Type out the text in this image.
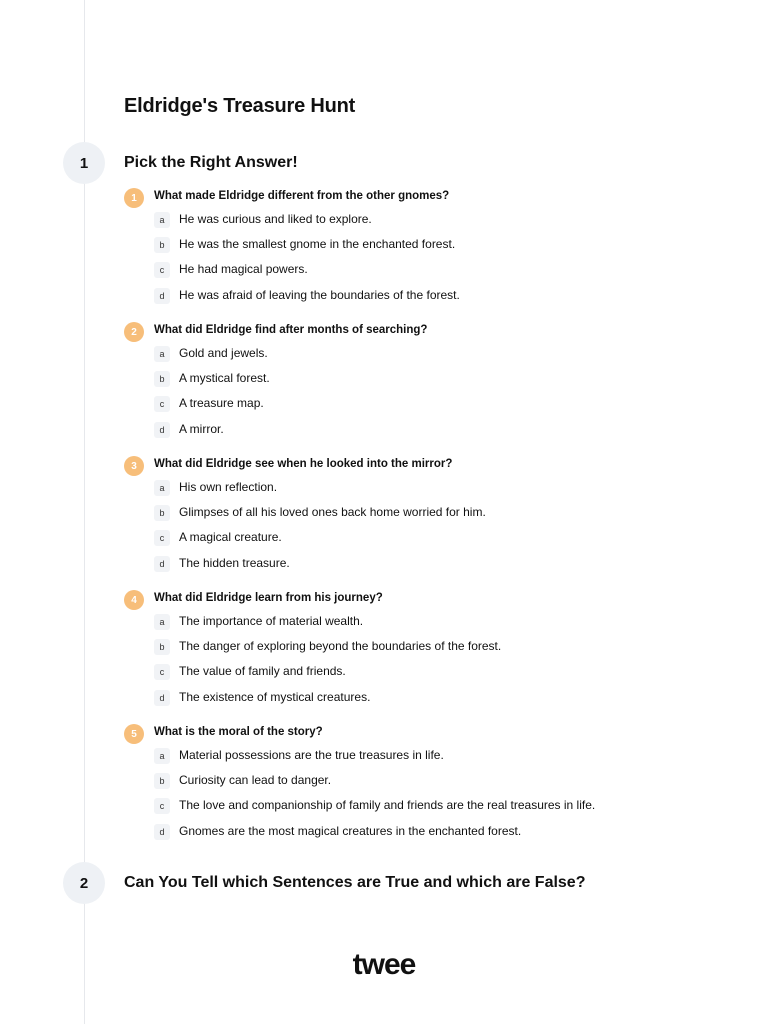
Eldridge's Treasure Hunt
1	Pick the Right Answer!
1	What made Eldridge different from the other gnomes?
a	He was curious and liked to explore.
b	He was the smallest gnome in the enchanted forest.
c	He had magical powers.
d	He was afraid of leaving the boundaries of the forest.
2	What did Eldridge find after months of searching?
a	Gold and jewels.
b	A mystical forest.
c	A treasure map.
d	A mirror.
3	What did Eldridge see when he looked into the mirror?
a	His own reflection.
b	Glimpses of all his loved ones back home worried for him.
c	A magical creature.
d	The hidden treasure.
4	What did Eldridge learn from his journey?
a	The importance of material wealth.
b	The danger of exploring beyond the boundaries of the forest.
c	The value of family and friends.
d	The existence of mystical creatures.
5	What is the moral of the story?
a	Material possessions are the true treasures in life.
b	Curiosity can lead to danger.
c	The love and companionship of family and friends are the real treasures in life.
d	Gnomes are the most magical creatures in the enchanted forest.
2	Can You Tell which Sentences are True and which are False?
twee
